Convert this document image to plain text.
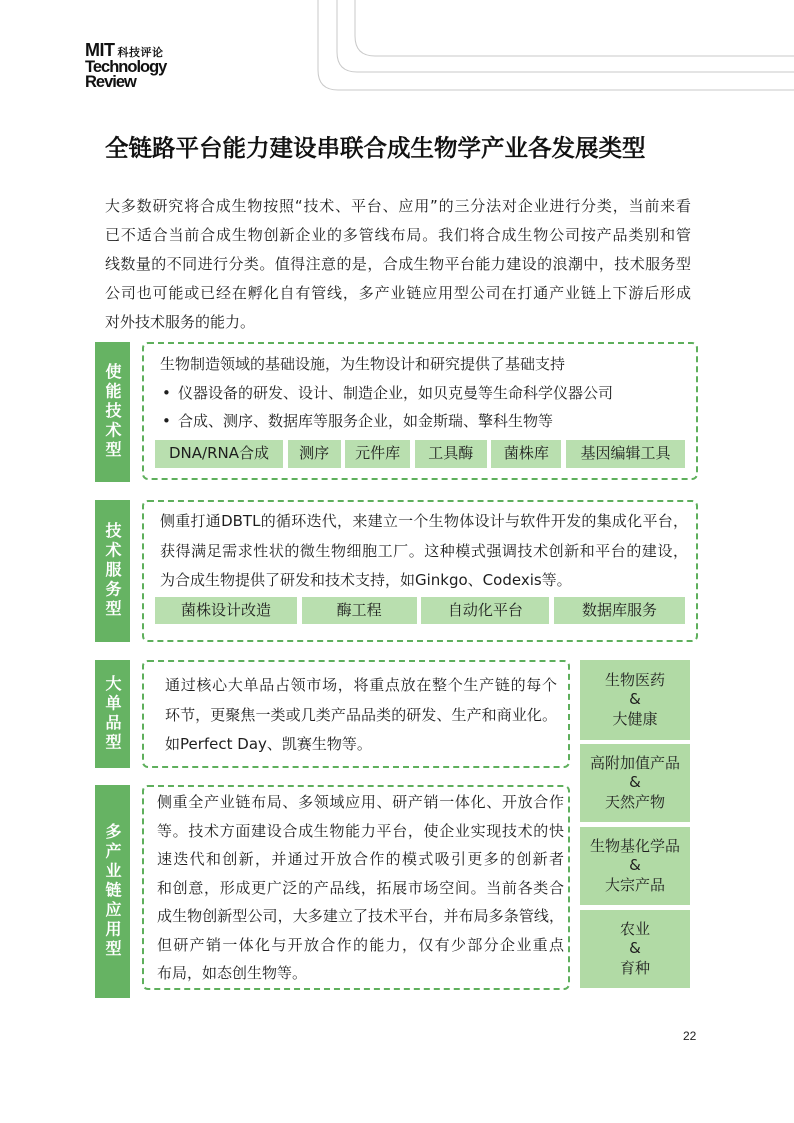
MIT 科技评论
Technology
Review
全链路平台能力建设串联合成生物学产业各发展类型
大多数研究将合成生物按照“技术、平台、应用”的三分法对企业进行分类，当前来看
已不适合当前合成生物创新企业的多管线布局。我们将合成生物公司按产品类别和管
线数量的不同进行分类。值得注意的是，合成生物平台能力建设的浪潮中，技术服务型
公司也可能或已经在孵化自有管线，多产业链应用型公司在打通产业链上下游后形成
对外技术服务的能力。
使能技术型	生物制造领域的基础设施，为生物设计和研究提供了基础支持
• 仪器设备的研发、设计、制造企业，如贝克曼等生命科学仪器公司
• 合成、测序、数据库等服务企业，如金斯瑞、擎科生物等
DNA/RNA合成	测序	元件库	工具酶	菌株库	基因编辑工具
技术服务型
侧重打通DBTL的循环迭代，来建立一个生物体设计与软件开发的集成化平台，
获得满足需求性状的微生物细胞工厂。这种模式强调技术创新和平台的建设，
为合成生物提供了研发和技术支持，如Ginkgo、Codexis等。
菌株设计改造	酶工程	自动化平台	数据库服务
大单品型	通过核心大单品占领市场，将重点放在整个生产链的每个
环节，更聚焦一类或几类产品品类的研发、生产和商业化。
如Perfect Day、凯赛生物等。
多产业链应用型
侧重全产业链布局、多领域应用、研产销一体化、开放合作
等。技术方面建设合成生物能力平台，使企业实现技术的快
速迭代和创新，并通过开放合作的模式吸引更多的创新者
和创意，形成更广泛的产品线，拓展市场空间。当前各类合
成生物创新型公司，大多建立了技术平台，并布局多条管线，
但研产销一体化与开放合作的能力，仅有少部分企业重点
布局，如态创生物等。
生物医药
&
大健康
高附加值产品
&
天然产物
生物基化学品
&
大宗产品
农业
&
育种
22
